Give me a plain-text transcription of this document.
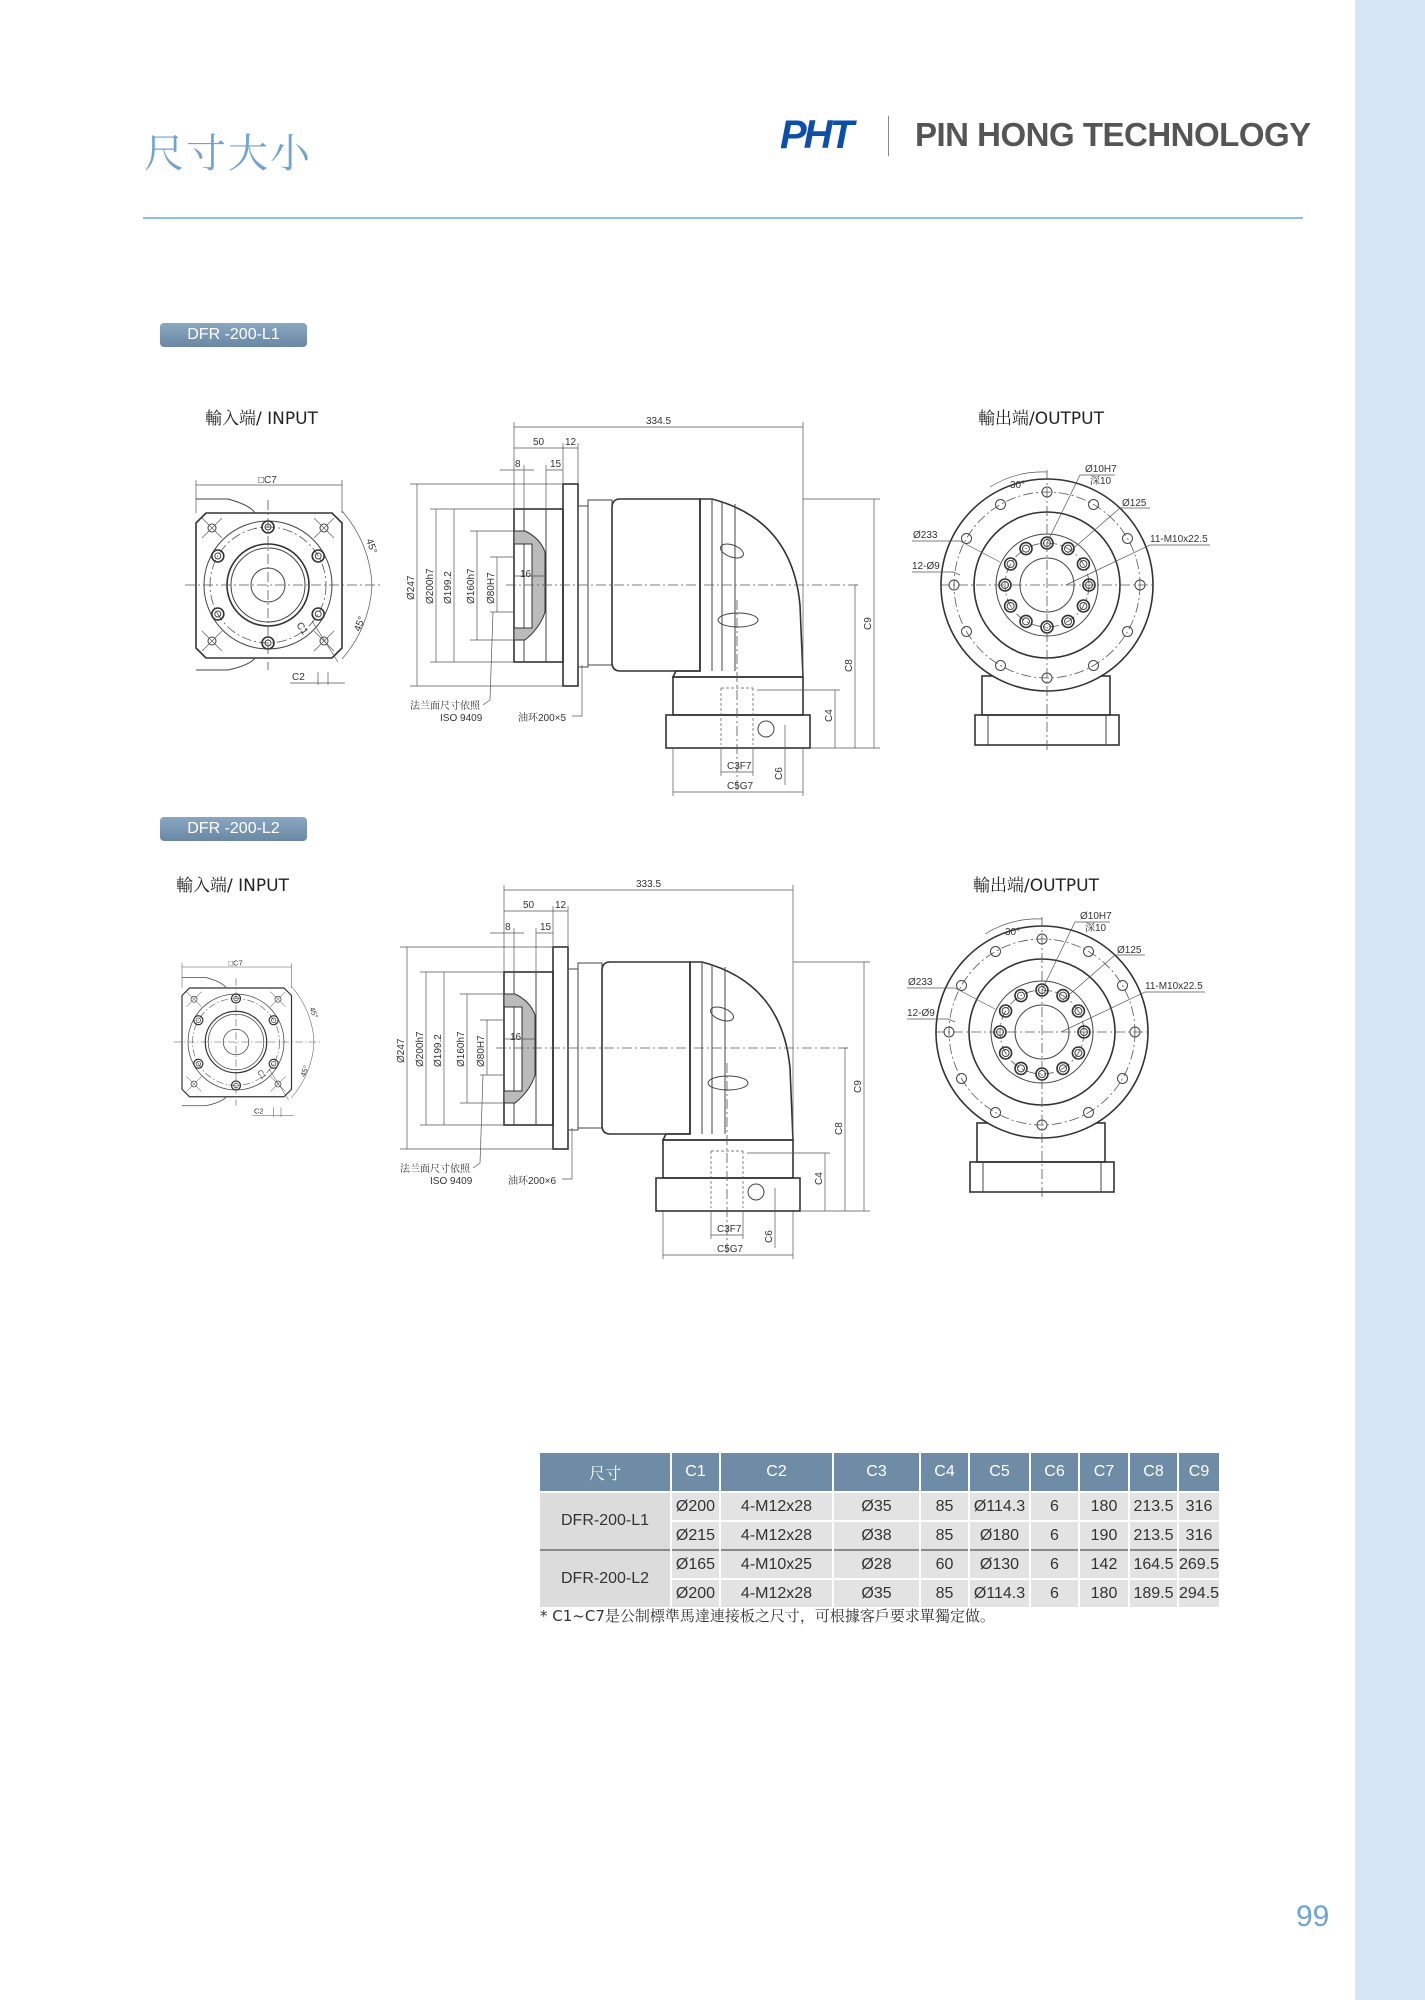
尺寸大小	PHT PIN HONG TECHNOLOGY
DFR -200-L1
輸入端/ INPUT	輸出端/OUTPUT
DFR -200-L2
輸入端/ INPUT	輸出端/OUTPUT
□C7
C2
C1
45°
45°
334.5
50 12
8	15
16
Ø247 Ø200h7 Ø199.2 Ø160h7 Ø80H7
C9
C8
C4
C6
C3F7
C5G7
法兰面尺寸依照
ISO 9409	油环200×5
30°
Ø10H7
深10
Ø125
Ø233
12-Ø9
11-M10x22.5
□C7
C2
C1
45°
45°
333.5
50 12
8	15
16
Ø247 Ø200h7 Ø199.2 Ø160h7 Ø80H7
C9
C8
C4
C6
C3F7
C5G7
法兰面尺寸依照
ISO 9409	油环200×6
30°
Ø10H7
深10
Ø125
Ø233
12-Ø9
11-M10x22.5
尺寸	C1	C2	C3	C4	C5	C6	C7	C8	C9
DFR-200-L1	Ø200	4-M12x28	Ø35	85	Ø114.3	6	180	213.5	316
	Ø215	4-M12x28	Ø38	85	Ø180	6	190	213.5	316
DFR-200-L2	Ø165	4-M10x25	Ø28	60	Ø130	6	142	164.5	269.5
	Ø200	4-M12x28	Ø35	85	Ø114.3	6	180	189.5	294.5
* C1~C7是公制標準馬達連接板之尺寸，可根據客戶要求單獨定做。
99
